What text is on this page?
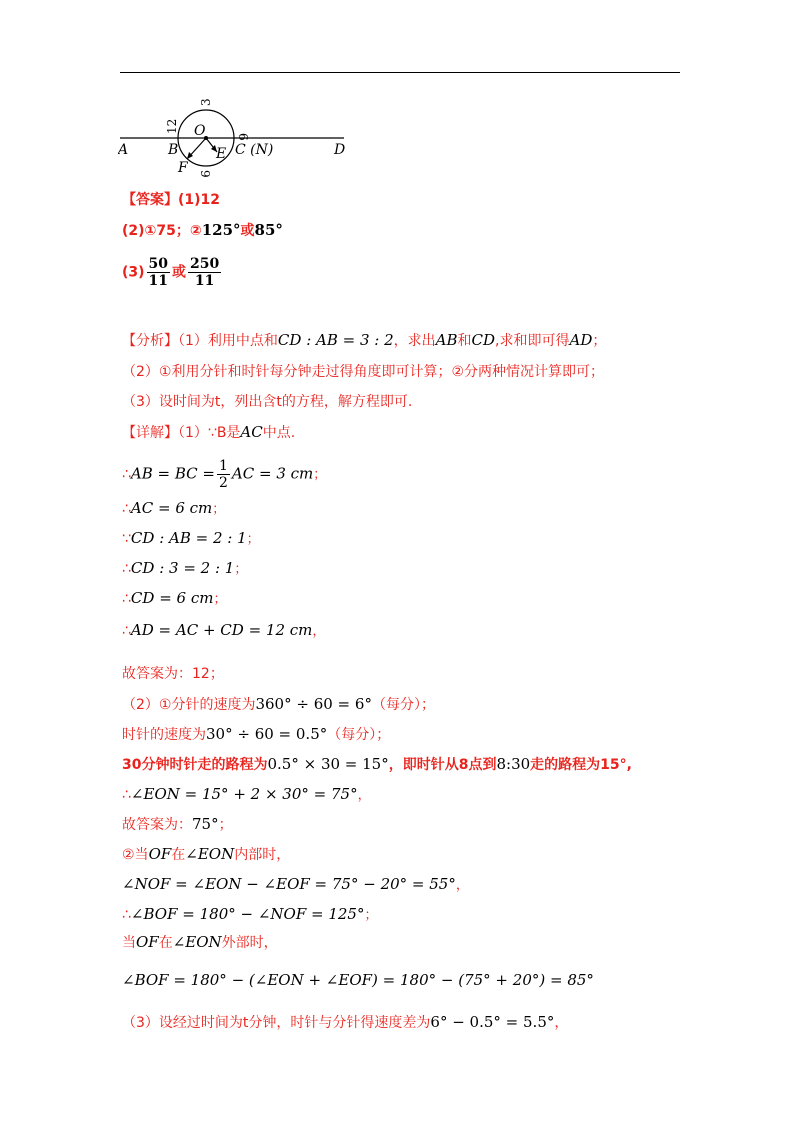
A	B
O
E
F
C (N)	D
12
3
6
9
【答案】(1)12
(2)①75；②125°或85°
$(3) \frac{50}{11}$ 或 $\frac{250}{11}$
【分析】（1）利用中点和CD : AB = 3 : 2，求出AB和CD,求和即可得AD；
（2）①利用分针和时针每分钟走过得角度即可计算；②分两种情况计算即可；
（3）设时间为t，列出含t的方程，解方程即可.
【详解】（1）∵B是AC中点.
∴AB = BC = $\frac{1}{2}$ AC = 3 cm；
∴AC = 6 cm；
∵CD : AB = 2 : 1；
∴CD : 3 = 2 : 1；
∴CD = 6 cm；
∴AD = AC + CD = 12 cm，
故答案为：12；
（2）①分针的速度为360° ÷ 60 = 6°（每分）；
时针的速度为30° ÷ 60 = 0.5°（每分）；
30分钟时针走的路程为0.5° × 30 = 15°，即时针从8点到8:30走的路程为15°,
∴∠EON = 15° + 2 × 30° = 75°，
故答案为：75°；
②当OF在∠EON内部时，
∠NOF = ∠EON − ∠EOF = 75° − 20° = 55°，
∴∠BOF = 180° − ∠NOF = 125°；
当OF在∠EON外部时，
∠BOF = 180° − (∠EON + ∠EOF) = 180° − (75° + 20°) = 85°
（3）设经过时间为t分钟，时针与分针得速度差为6° − 0.5° = 5.5°，
